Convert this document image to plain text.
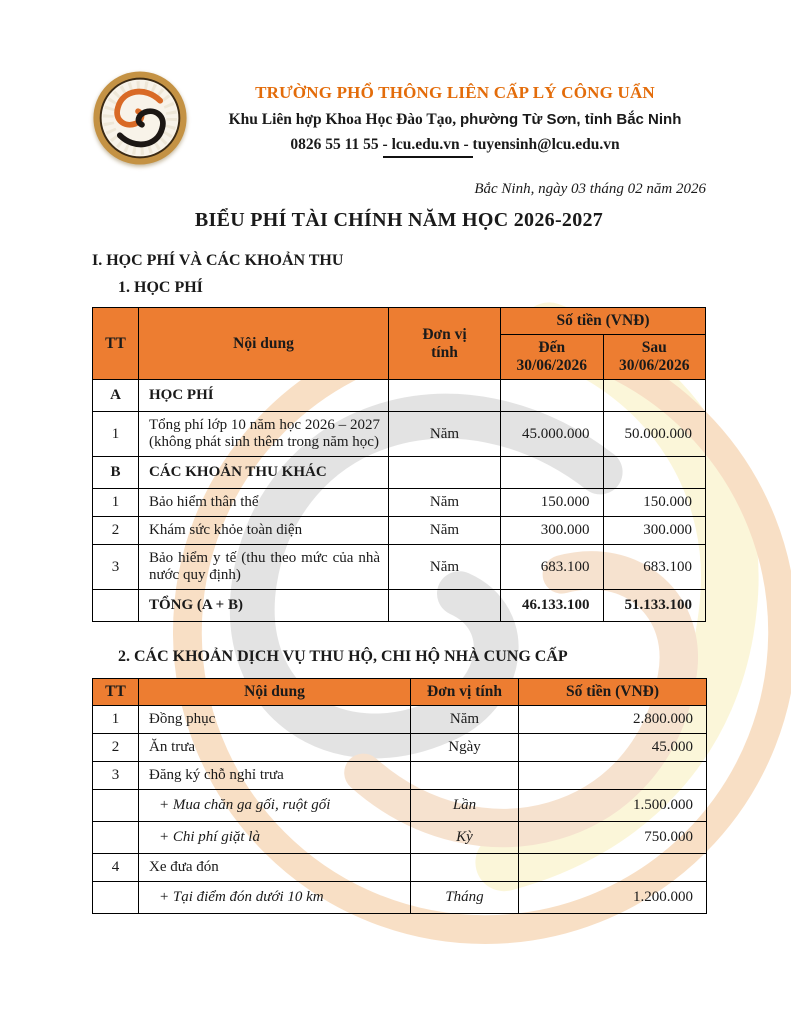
TRƯỜNG PHỔ THÔNG LIÊN CẤP LÝ CÔNG UẨN
Khu Liên hợp Khoa Học Đào Tạo, phường Từ Sơn, tỉnh Bắc Ninh
0826 55 11 55 - lcu.edu.vn - tuyensinh@lcu.edu.vn
Bắc Ninh, ngày 03 tháng 02 năm 2026
BIỂU PHÍ TÀI CHÍNH NĂM HỌC 2026-2027
I. HỌC PHÍ VÀ CÁC KHOẢN THU
1. HỌC PHÍ
TT	Nội dung	Đơn vị tính	Số tiền (VNĐ)	
			Đến 30/06/2026	Sau 30/06/2026
A	HỌC PHÍ			
1	Tổng phí lớp 10 năm học 2026 – 2027 (không phát sinh thêm trong năm học)	Năm	45.000.000	50.000.000
B	CÁC KHOẢN THU KHÁC			
1	Bảo hiểm thân thể	Năm	150.000	150.000
2	Khám sức khỏe toàn diện	Năm	300.000	300.000
3	Bảo hiểm y tế (thu theo mức của nhà nước quy định)	Năm	683.100	683.100
	TỔNG (A + B)		46.133.100	51.133.100
2. CÁC KHOẢN DỊCH VỤ THU HỘ, CHI HỘ NHÀ CUNG CẤP
TT	Nội dung	Đơn vị tính	Số tiền (VNĐ)
1	Đồng phục	Năm	2.800.000
2	Ăn trưa	Ngày	45.000
3	Đăng ký chỗ nghỉ trưa		
	+ Mua chăn ga gối, ruột gối	Lần	1.500.000
	+ Chi phí giặt là	Kỳ	750.000
4	Xe đưa đón		
	+ Tại điểm đón dưới 10 km	Tháng	1.200.000
